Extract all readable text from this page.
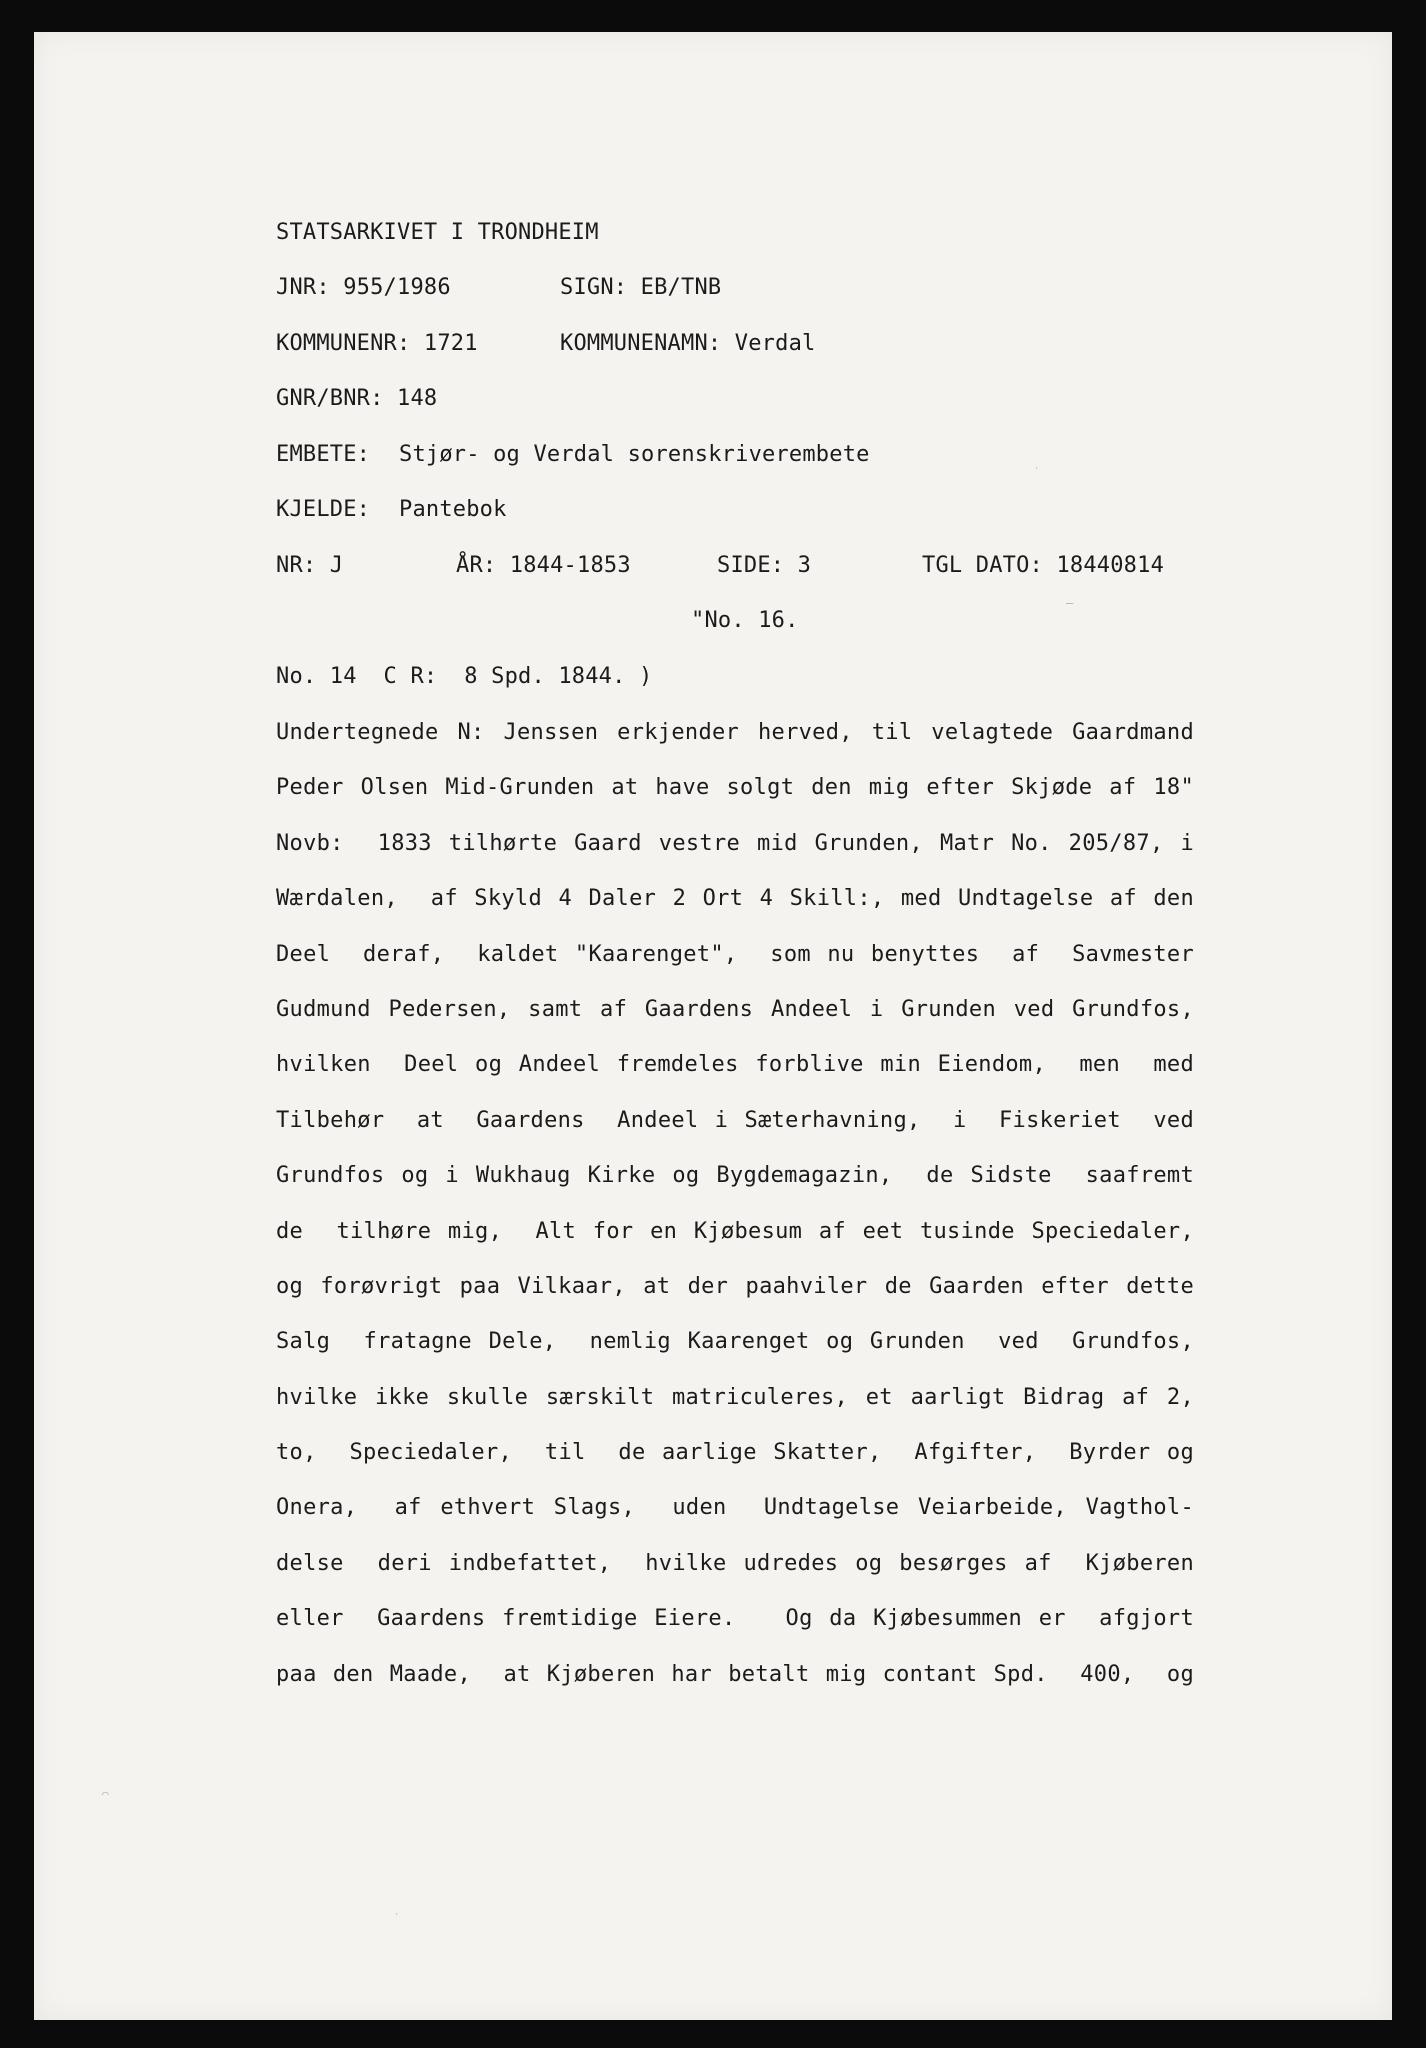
STATSARKIVET I TRONDHEIM

JNR: 955/1986

	SIGN: EB/TNB

KOMMUNENR: 1721

	KOMMUNENAMN: Verdal

GNR/BNR: 148

EMBETE:

Stjør- og Verdal sorenskriverembete

KJELDE:

Pantebok

NR: J

	ÅR: 1844-1853

	SIDE: 3

	TGL DATO: 18440814

"No. 16.
No. 14  C R:  8 Spd. 1844. )
–
·
Undertegnede N: Jenssen erkjender herved, til velagtede Gaardmand
Peder Olsen Mid-Grunden at have solgt den mig efter Skjøde af 18"
Novb:  1833 tilhørte Gaard vestre mid Grunden, Matr No. 205/87, i
Wærdalen,  af Skyld 4 Daler 2 Ort 4 Skill:, med Undtagelse af den
Deel  deraf,  kaldet "Kaarenget",  som nu benyttes  af  Savmester
Gudmund Pedersen, samt af Gaardens Andeel i Grunden ved Grundfos,
hvilken  Deel og Andeel fremdeles forblive min Eiendom,  men  med
Tilbehør  at  Gaardens  Andeel i Sæterhavning,  i  Fiskeriet  ved
Grundfos og i Wukhaug Kirke og Bygdemagazin,  de Sidste  saafremt
de  tilhøre mig,  Alt for en Kjøbesum af eet tusinde Speciedaler,
og forøvrigt paa Vilkaar, at der paahviler de Gaarden efter dette
Salg  fratagne Dele,  nemlig Kaarenget og Grunden  ved  Grundfos,
hvilke ikke skulle særskilt matriculeres, et aarligt Bidrag af 2,
to,  Speciedaler,  til  de aarlige Skatter,  Afgifter,  Byrder og
Onera,  af ethvert Slags,  uden  Undtagelse Veiarbeide, Vagthol-
delse  deri indbefattet,  hvilke udredes og besørges af  Kjøberen
eller  Gaardens fremtidige Eiere.   Og da Kjøbesummen er  afgjort
paa den Maade,  at Kjøberen har betalt mig contant Spd.  400,  og
◠
·
